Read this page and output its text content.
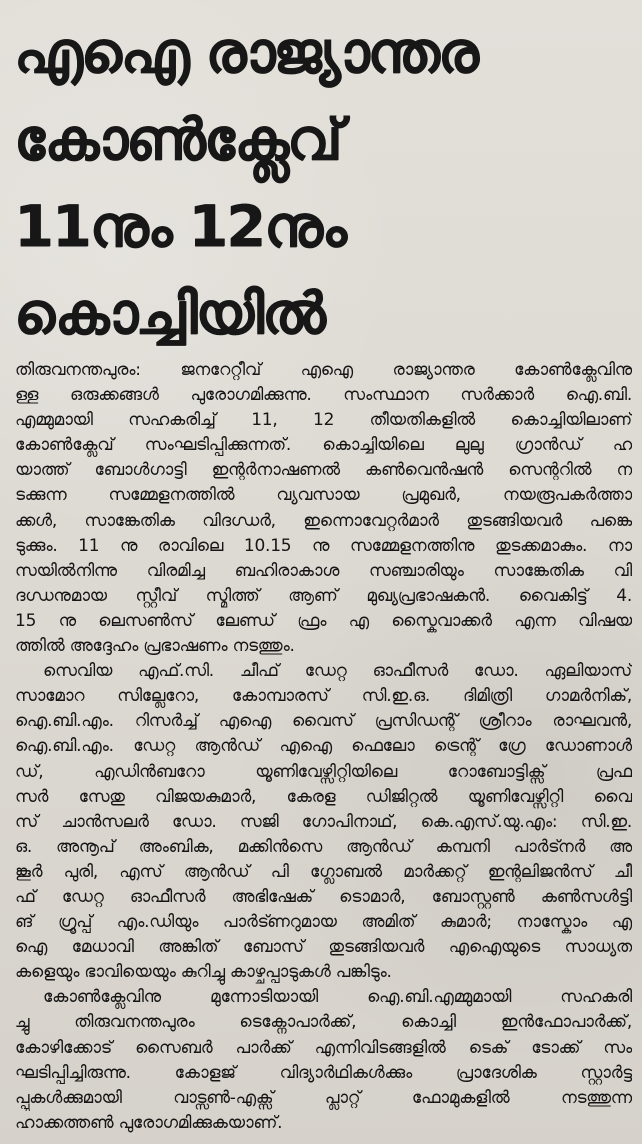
എഐ രാജ്യാന്തര
കോൺക്ലേവ്
11നും 12നും
കൊച്ചിയിൽ

തിരുവനന്തപുരം: ജനറേറ്റീവ് എഐ രാജ്യാന്തര കോൺക്ലേവിനു
ള്ള ഒരുക്കങ്ങൾ പുരോഗമിക്കുന്നു. സംസ്ഥാന സർക്കാർ ഐ.ബി.
എമ്മുമായി സഹകരിച്ച് 11, 12 തീയതികളിൽ കൊച്ചിയിലാണ്
കോൺക്ലേവ് സംഘടിപ്പിക്കുന്നത്. കൊച്ചിയിലെ ലുലു ഗ്രാൻഡ് ഹ
യാത്ത് ബോൾഗാട്ടി ഇന്റർനാഷണൽ കൺവെൻഷൻ സെന്ററിൽ ന
ടക്കുന്ന സമ്മേളനത്തിൽ വ്യവസായ പ്രമുഖർ, നയരൂപകർത്താ
ക്കൾ, സാങ്കേതിക വിദഗ്ധർ, ഇന്നൊവേറ്റർമാർ തുടങ്ങിയവർ പങ്കെ
ടുക്കും. 11 നു രാവിലെ 10.15 നു സമ്മേളനത്തിനു തുടക്കമാകും. നാ
സയിൽനിന്നു വിരമിച്ച ബഹിരാകാശ സഞ്ചാരിയും സാങ്കേതിക വി
ദഗ്ധനുമായ സ്റ്റീവ് സ്മിത്ത് ആണ് മുഖ്യപ്രഭാഷകൻ. വൈകിട്ട് 4.
15 നു ലെസൺസ് ലേണ്ഡ് ഫ്രം എ സ്കൈവാക്കർ എന്ന വിഷയ
ത്തിൽ അദ്ദേഹം പ്രഭാഷണം നടത്തും.

സെവിയ എഫ്.സി. ചീഫ് ഡേറ്റ ഓഫീസർ ഡോ. ഏലിയാസ്
സാമോറ സില്ലേറോ, കോമ്പാരസ് സി.ഇ.ഒ. ദിമിത്രി ഗാമർനിക്,
ഐ.ബി.എം. റിസർച്ച് എഐ വൈസ് പ്രസിഡന്റ് ശ്രീറാം രാഘവൻ,
ഐ.ബി.എം. ഡേറ്റ ആൻഡ് എഐ ഫെലോ ട്രെന്റ് ഗ്രേ ഡോണാൾ
ഡ്, എഡിൻബറോ യൂണിവേഴ്സിറ്റിയിലെ റോബോട്ടിക്സ് പ്രഫ
സർ സേതു വിജയകുമാർ, കേരള ഡിജിറ്റൽ യൂണിവേഴ്സിറ്റി വൈ
സ് ചാൻസലർ ഡോ. സജി ഗോപിനാഥ്, കെ.എസ്.യു.എം: സി.ഇ.
ഒ. അനൂപ് അംബിക, മക്കിൻസെ ആൻഡ് കമ്പനി പാർട്നർ അ
ങ്കൂർ പുരി, എസ് ആൻഡ് പി ഗ്ലോബൽ മാർക്കറ്റ് ഇന്റലിജൻസ് ചീ
ഫ് ഡേറ്റ ഓഫീസർ അഭിഷേക് ടൊമാർ, ബോസ്റ്റൺ കൺസൾട്ടി
ങ് ഗ്രൂപ്പ് എം.ഡിയും പാർട്ണറുമായ അമിത് കുമാർ; നാസ്കോം എ
ഐ മേധാവി അങ്കിത് ബോസ് തുടങ്ങിയവർ എഐയുടെ സാധ്യത
കളെയും ഭാവിയെയും കുറിച്ചു കാഴ്ചപ്പാടുകൾ പങ്കിടും.

കോൺക്ലേവിനു മുന്നോടിയായി ഐ.ബി.എമ്മുമായി സഹകരി
ച്ചു തിരുവനന്തപുരം ടെക്നോപാർക്ക്, കൊച്ചി ഇൻഫോപാർക്ക്,
കോഴിക്കോട് സൈബർ പാർക്ക് എന്നിവിടങ്ങളിൽ ടെക് ടോക്ക് സം
ഘടിപ്പിച്ചിരുന്നു. കോളജ് വിദ്യാർഥികൾക്കും പ്രാദേശിക സ്റ്റാർട്ട
പ്പുകൾക്കുമായി വാട്സൺ-എക്സ് പ്ലാറ്റ് ഫോമുകളിൽ നടത്തുന്ന
ഹാക്കത്തൺ പുരോഗമിക്കുകയാണ്.
